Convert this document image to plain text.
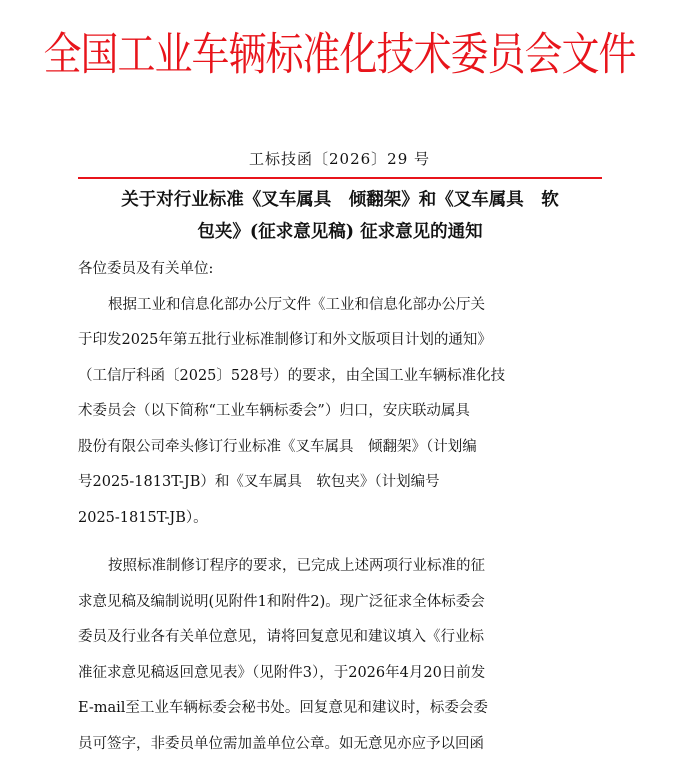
全国工业车辆标准化技术委员会文件
工标技函〔2026〕29 号
关于对行业标准《叉车属具　倾翻架》和《叉车属具　软
包夹》(征求意见稿) 征求意见的通知
各位委员及有关单位:
根据工业和信息化部办公厅文件《工业和信息化部办公厅关
于印发2025年第五批行业标准制修订和外文版项目计划的通知》
（工信厅科函〔2025〕528号）的要求，由全国工业车辆标准化技
术委员会（以下简称“工业车辆标委会”）归口，安庆联动属具
股份有限公司牵头修订行业标准《叉车属具　倾翻架》（计划编
号2025-1813T-JB）和《叉车属具　软包夹》（计划编号
2025-1815T-JB）。
按照标准制修订程序的要求，已完成上述两项行业标准的征
求意见稿及编制说明(见附件1和附件2)。现广泛征求全体标委会
委员及行业各有关单位意见，请将回复意见和建议填入《行业标
准征求意见稿返回意见表》（见附件3），于2026年4月20日前发
E-mail至工业车辆标委会秘书处。回复意见和建议时，标委会委
员可签字，非委员单位需加盖单位公章。如无意见亦应予以回函
